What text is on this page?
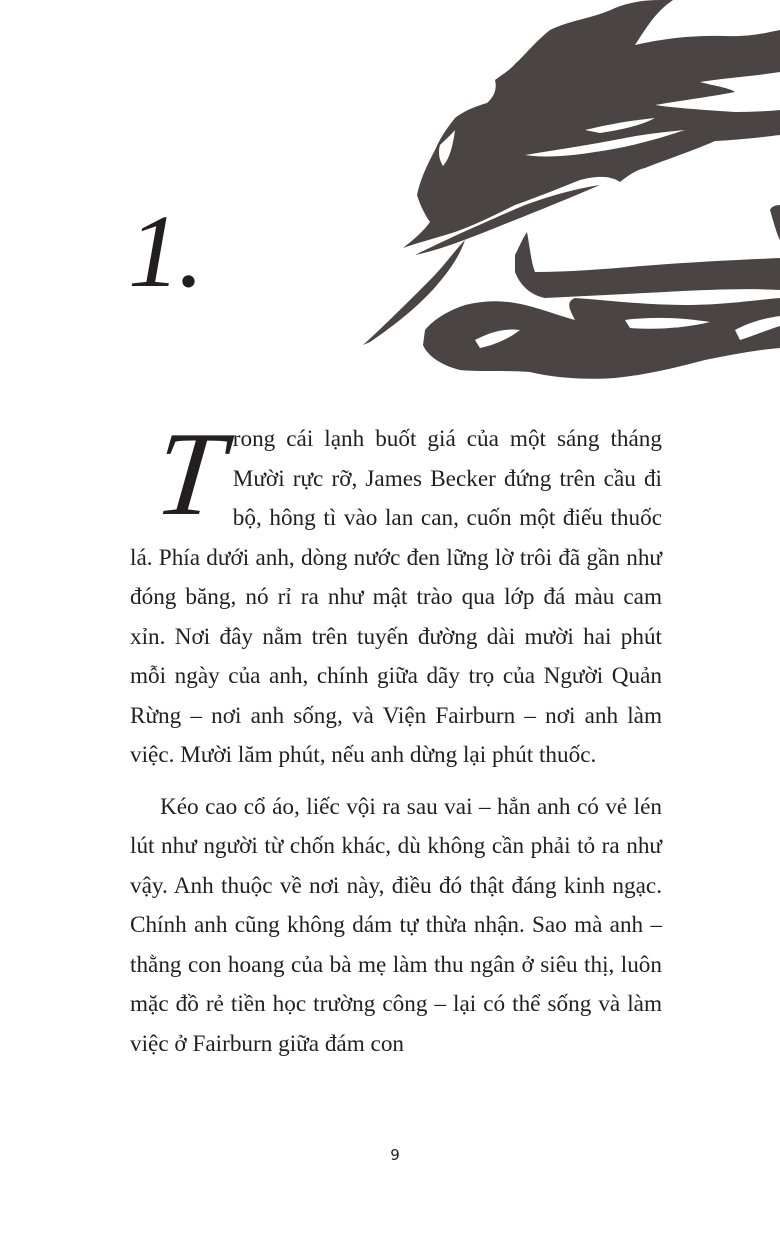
1.

Trong cái lạnh buốt giá của một sáng tháng Mười rực rỡ, James Becker đứng trên cầu đi bộ, hông tì vào lan can, cuốn một điếu thuốc lá. Phía dưới anh, dòng nước đen lững lờ trôi đã gần như đóng băng, nó rỉ ra như mật trào qua lớp đá màu cam xỉn. Nơi đây nằm trên tuyến đường dài mười hai phút mỗi ngày của anh, chính giữa dãy trọ của Người Quản Rừng – nơi anh sống, và Viện Fairburn – nơi anh làm việc. Mười lăm phút, nếu anh dừng lại phút thuốc.

Kéo cao cổ áo, liếc vội ra sau vai – hẳn anh có vẻ lén lút như người từ chốn khác, dù không cần phải tỏ ra như vậy. Anh thuộc về nơi này, điều đó thật đáng kinh ngạc. Chính anh cũng không dám tự thừa nhận. Sao mà anh – thằng con hoang của bà mẹ làm thu ngân ở siêu thị, luôn mặc đồ rẻ tiền học trường công – lại có thể sống và làm việc ở Fairburn giữa đám con

9
